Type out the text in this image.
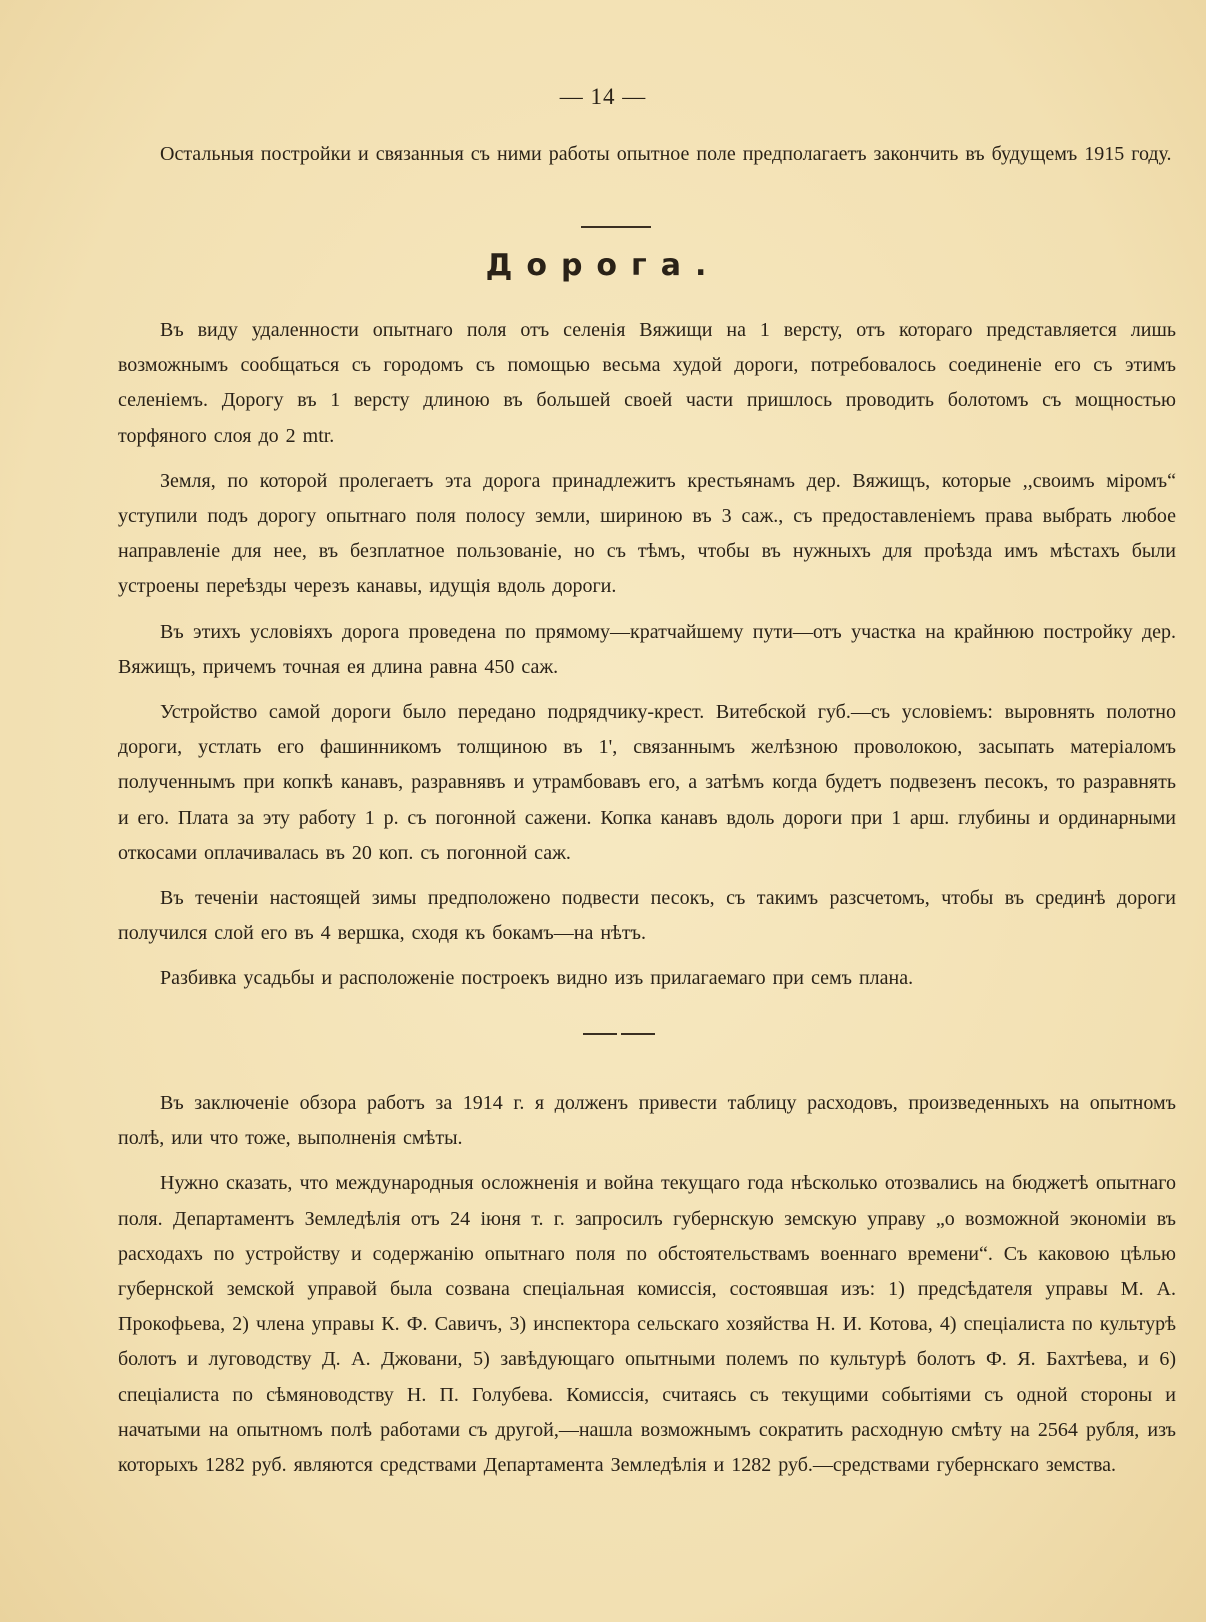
— 14 —

Остальныя постройки и связанныя съ ними работы опытное поле предполагаетъ закончить въ будущемъ 1915 году.

Дорога.

Въ виду удаленности опытнаго поля отъ селенія Вяжищи на 1 версту, отъ котораго представляется лишь возможнымъ сообщаться съ городомъ съ помощью весьма худой дороги, потребовалось соединеніе его съ этимъ селеніемъ. Дорогу въ 1 версту длиною въ большей своей части пришлось проводить болотомъ съ мощностью торфяного слоя до 2 mtr.

Земля, по которой пролегаетъ эта дорога принадлежитъ крестьянамъ дер. Вяжищъ, которые ,,своимъ міромъ“ уступили подъ дорогу опытнаго поля полосу земли, шириною въ 3 саж., съ предоставленіемъ права выбрать любое направленіе для нее, въ безплатное пользованіе, но съ тѣмъ, чтобы въ нужныхъ для проѣзда имъ мѣстахъ были устроены переѣзды черезъ канавы, идущія вдоль дороги.

Въ этихъ условіяхъ дорога проведена по прямому—кратчайшему пути—отъ участка на крайнюю постройку дер. Вяжищъ, причемъ точная ея длина равна 450 саж.

Устройство самой дороги было передано подрядчику-крест. Витебской губ.—съ условіемъ: выровнять полотно дороги, устлать его фашинникомъ толщиною въ 1', связаннымъ желѣзною проволокою, засыпать матеріаломъ полученнымъ при копкѣ канавъ, разравнявъ и утрамбовавъ его, а затѣмъ когда будетъ подвезенъ песокъ, то разравнять и его. Плата за эту работу 1 р. съ погонной сажени. Копка канавъ вдоль дороги при 1 арш. глубины и ординарными откосами оплачивалась въ 20 коп. съ погонной саж.

Въ теченіи настоящей зимы предположено подвести песокъ, съ такимъ разсчетомъ, чтобы въ срединѣ дороги получился слой его въ 4 вершка, сходя къ бокамъ—на нѣтъ.

Разбивка усадьбы и расположеніе построекъ видно изъ прилагаемаго при семъ плана.

Въ заключеніе обзора работъ за 1914 г. я долженъ привести таблицу расходовъ, произведенныхъ на опытномъ полѣ, или что тоже, выполненія смѣты.

Нужно сказать, что международныя осложненія и война текущаго года нѣсколько отозвались на бюджетѣ опытнаго поля. Департаментъ Земледѣлія отъ 24 іюня т. г. запросилъ губернскую земскую управу „о возможной экономіи въ расходахъ по устройству и содержанію опытнаго поля по обстоятельствамъ военнаго времени“. Съ каковою цѣлью губернской земской управой была созвана спеціальная комиссія, состоявшая изъ: 1) предсѣдателя управы М. А. Прокофьева, 2) члена управы К. Ф. Савичъ, 3) инспектора сельскаго хозяйства Н. И. Котова, 4) спеціалиста по культурѣ болотъ и луговодству Д. А. Джовани, 5) завѣдующаго опытными полемъ по культурѣ болотъ Ф. Я. Бахтѣева, и 6) спеціалиста по сѣмяноводству Н. П. Голубева. Комиссія, считаясь съ текущими событіями съ одной стороны и начатыми на опытномъ полѣ работами съ другой,—нашла возможнымъ сократить расходную смѣту на 2564 рубля, изъ которыхъ 1282 руб. являются средствами Департамента Земледѣлія и 1282 руб.—средствами губернскаго земства.
